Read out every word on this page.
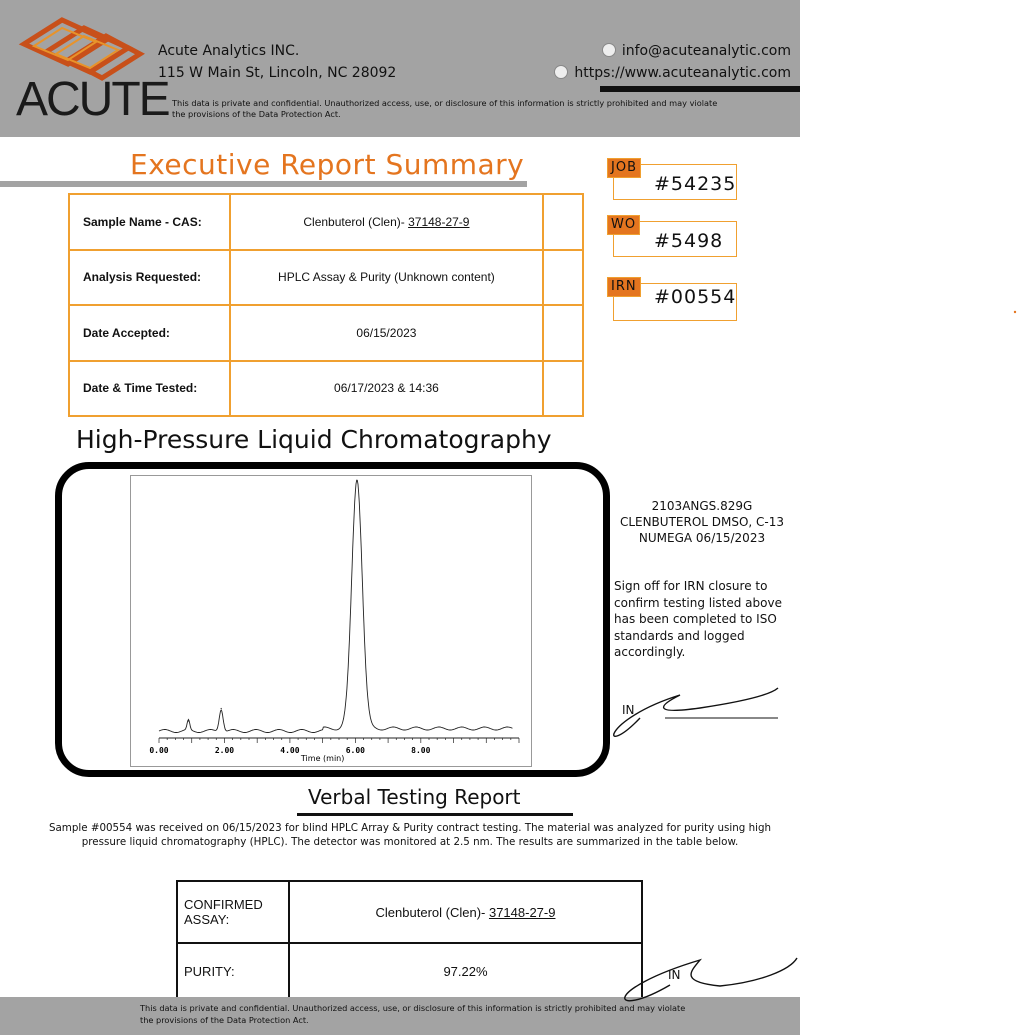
ACUTE
Acute Analytics INC.
115 W Main St, Lincoln, NC 28092
info@acuteanalytic.com
https://www.acuteanalytic.com
This data is private and confidential. Unauthorized access, use, or disclosure of this information is strictly prohibited and may violate the provisions of the Data Protection Act.
Executive Report Summary
Sample Name - CAS:	Clenbuterol (Clen)- 37148-27-9	
Analysis Requested:	HPLC Assay & Purity (Unknown content)	
Date Accepted:	06/15/2023	
Date & Time Tested:	06/17/2023 & 14:36	
JOB
#54235
WO
#5498
IRN #00554
High-Pressure Liquid Chromatography
0.00	2.00	4.00	6.00	8.00
Time (min)
2103ANGS.829G
CLENBUTEROL DMSO, C-13
NUMEGA 06/15/2023
Sign off for IRN closure to confirm testing listed above has been completed to ISO standards and logged accordingly.
IN
Verbal Testing Report
Sample #00554 was received on 06/15/2023 for blind HPLC Array & Purity contract testing. The material was analyzed for purity using high pressure liquid chromatography (HPLC). The detector was monitored at 2.5 nm. The results are summarized in the table below.
CONFIRMED ASSAY:	Clenbuterol (Clen)- 37148-27-9
PURITY:	97.22%
This data is private and confidential. Unauthorized access, use, or disclosure of this information is strictly prohibited and may violate the provisions of the Data Protection Act.
IN
